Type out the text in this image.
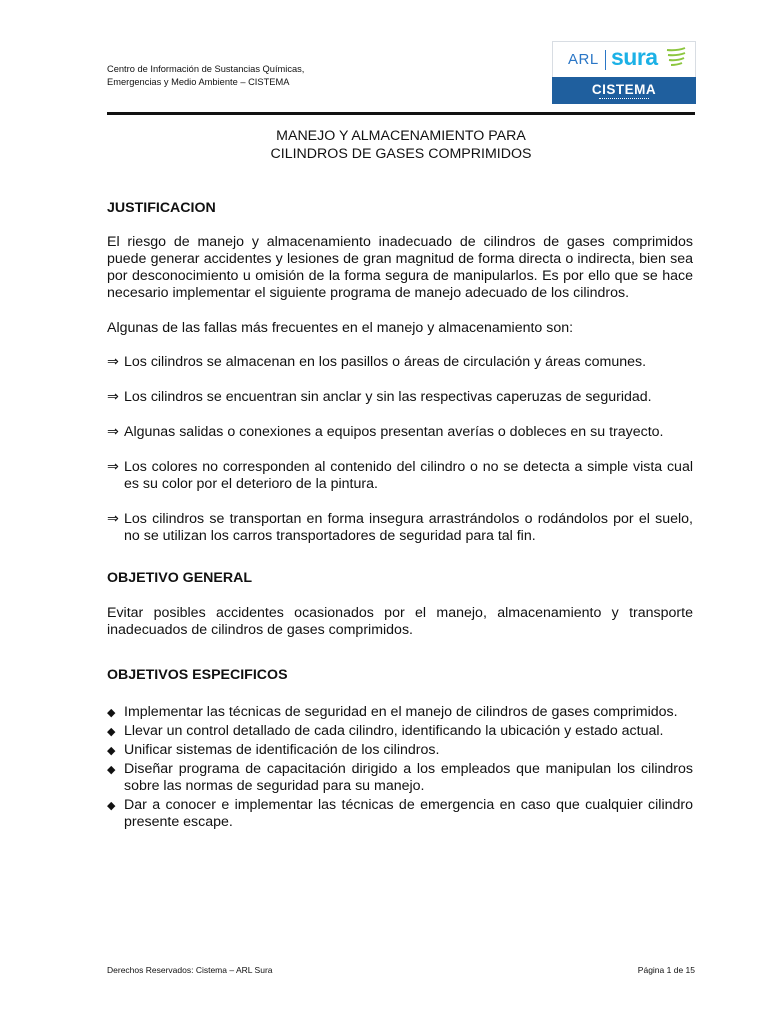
Centro de Información de Sustancias Químicas,
Emergencias y Medio Ambiente – CISTEMA
ARL sura
CISTEMA
MANEJO Y ALMACENAMIENTO PARA
CILINDROS DE GASES COMPRIMIDOS

JUSTIFICACION

El riesgo de manejo y almacenamiento inadecuado de cilindros de gases comprimidos puede generar accidentes y lesiones de gran magnitud de forma directa o indirecta, bien sea por desconocimiento u omisión de la forma segura de manipularlos. Es por ello que se hace necesario implementar el siguiente programa de manejo adecuado de los cilindros.

Algunas de las fallas más frecuentes en el manejo y almacenamiento son:

⇒ Los cilindros se almacenan en los pasillos o áreas de circulación y áreas comunes.

⇒ Los cilindros se encuentran sin anclar y sin las respectivas caperuzas de seguridad.

⇒ Algunas salidas o conexiones a equipos presentan averías o dobleces en su trayecto.

⇒ Los colores no corresponden al contenido del cilindro o no se detecta a simple vista cual es su color por el deterioro de la pintura.

⇒ Los cilindros se transportan en forma insegura arrastrándolos o rodándolos por el suelo, no se utilizan los carros transportadores de seguridad para tal fin.

OBJETIVO GENERAL

Evitar posibles accidentes ocasionados por el manejo, almacenamiento y transporte inadecuados de cilindros de gases comprimidos.

OBJETIVOS ESPECIFICOS

◆ Implementar las técnicas de seguridad en el manejo de cilindros de gases comprimidos.

◆ Llevar un control detallado de cada cilindro, identificando la ubicación y estado actual.

◆ Unificar sistemas de identificación de los cilindros.

◆ Diseñar programa de capacitación dirigido a los empleados que manipulan los cilindros sobre las normas de seguridad para su manejo.

◆ Dar a conocer e implementar las técnicas de emergencia en caso que cualquier cilindro presente escape.

Derechos Reservados: Cistema – ARL Sura	Página 1 de 15
